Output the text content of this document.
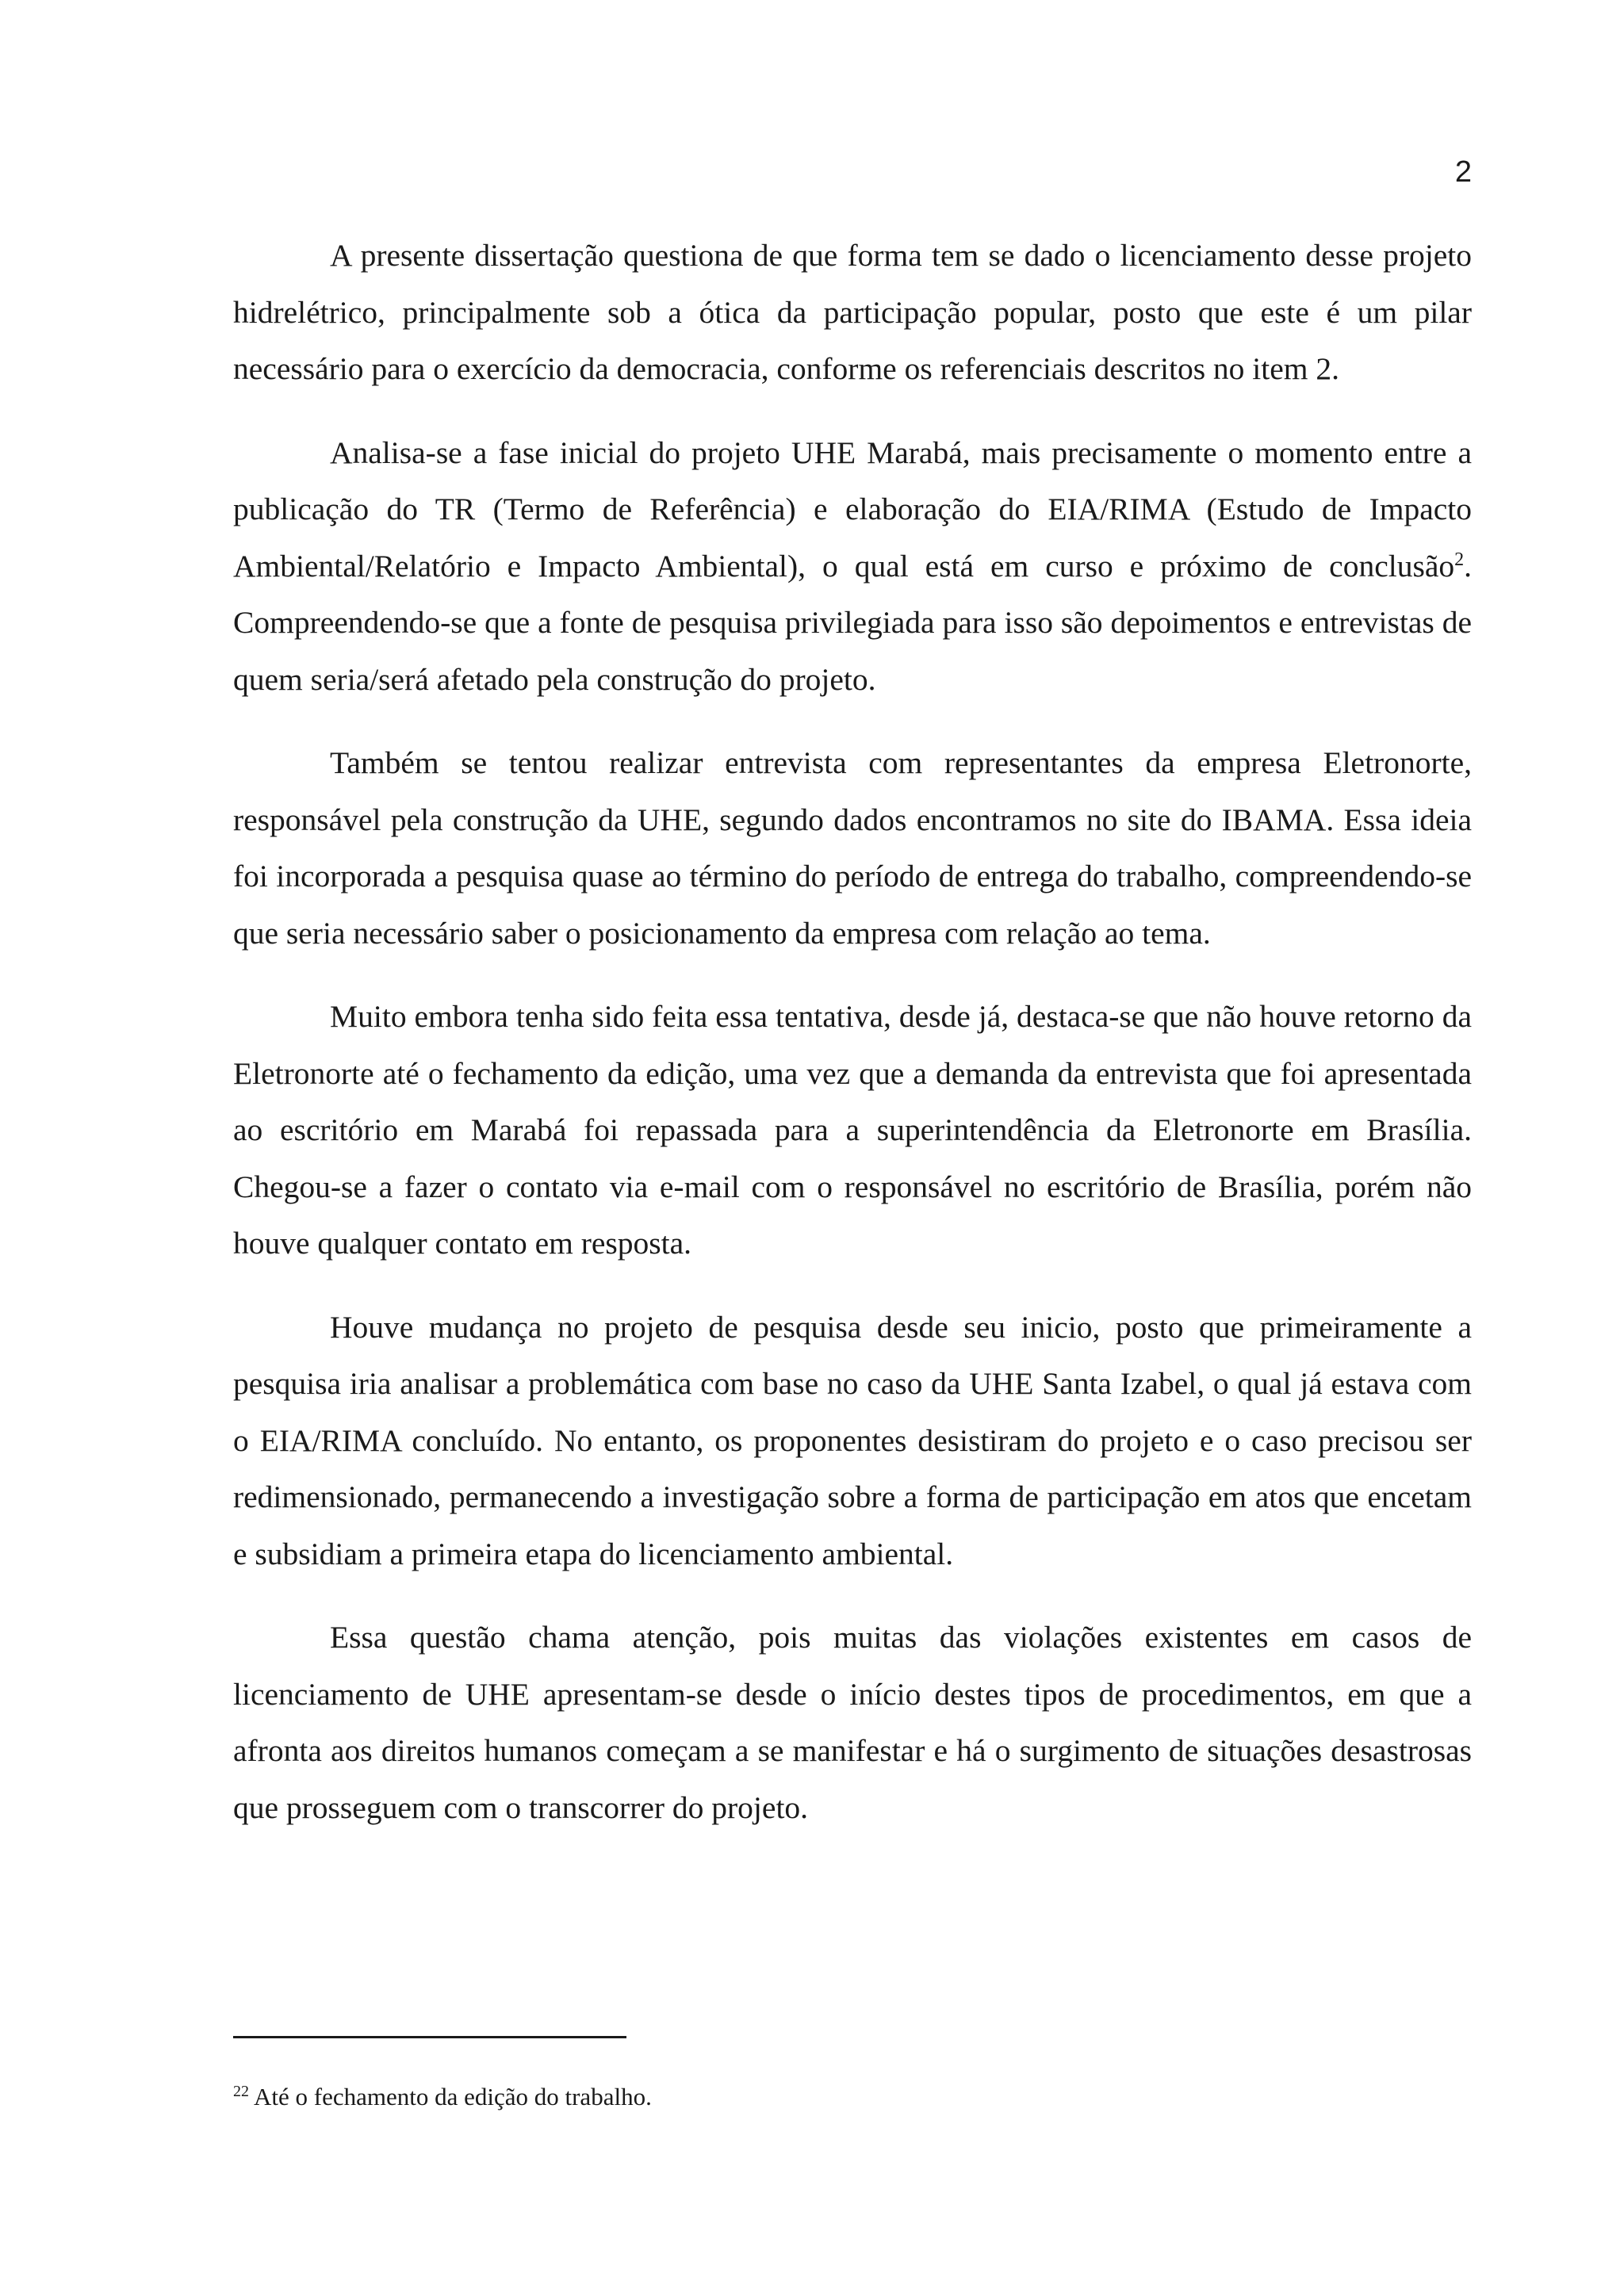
2

A presente dissertação questiona de que forma tem se dado o licenciamento desse projeto hidrelétrico, principalmente sob a ótica da participação popular, posto que este é um pilar necessário para o exercício da democracia, conforme os referenciais descritos no item 2.

Analisa-se a fase inicial do projeto UHE Marabá, mais precisamente o momento entre a publicação do TR (Termo de Referência) e elaboração do EIA/RIMA (Estudo de Impacto Ambiental/Relatório e Impacto Ambiental), o qual está em curso e próximo de conclusão$^2$. Compreendendo-se que a fonte de pesquisa privilegiada para isso são depoimentos e entrevistas de quem seria/será afetado pela construção do projeto.

Também se tentou realizar entrevista com representantes da empresa Eletronorte, responsável pela construção da UHE, segundo dados encontramos no site do IBAMA. Essa ideia foi incorporada a pesquisa quase ao término do período de entrega do trabalho, compreendendo-se que seria necessário saber o posicionamento da empresa com relação ao tema.

Muito embora tenha sido feita essa tentativa, desde já, destaca-se que não houve retorno da Eletronorte até o fechamento da edição, uma vez que a demanda da entrevista que foi apresentada ao escritório em Marabá foi repassada para a superintendência da Eletronorte em Brasília. Chegou-se a fazer o contato via e-mail com o responsável no escritório de Brasília, porém não houve qualquer contato em resposta.

Houve mudança no projeto de pesquisa desde seu inicio, posto que primeiramente a pesquisa iria analisar a problemática com base no caso da UHE Santa Izabel, o qual já estava com o EIA/RIMA concluído. No entanto, os proponentes desistiram do projeto e o caso precisou ser redimensionado, permanecendo a investigação sobre a forma de participação em atos que encetam e subsidiam a primeira etapa do licenciamento ambiental.

Essa questão chama atenção, pois muitas das violações existentes em casos de licenciamento de UHE apresentam-se desde o início destes tipos de procedimentos, em que a afronta aos direitos humanos começam a se manifestar e há o surgimento de situações desastrosas que prosseguem com o transcorrer do projeto.

$^{22}$ Até o fechamento da edição do trabalho.
